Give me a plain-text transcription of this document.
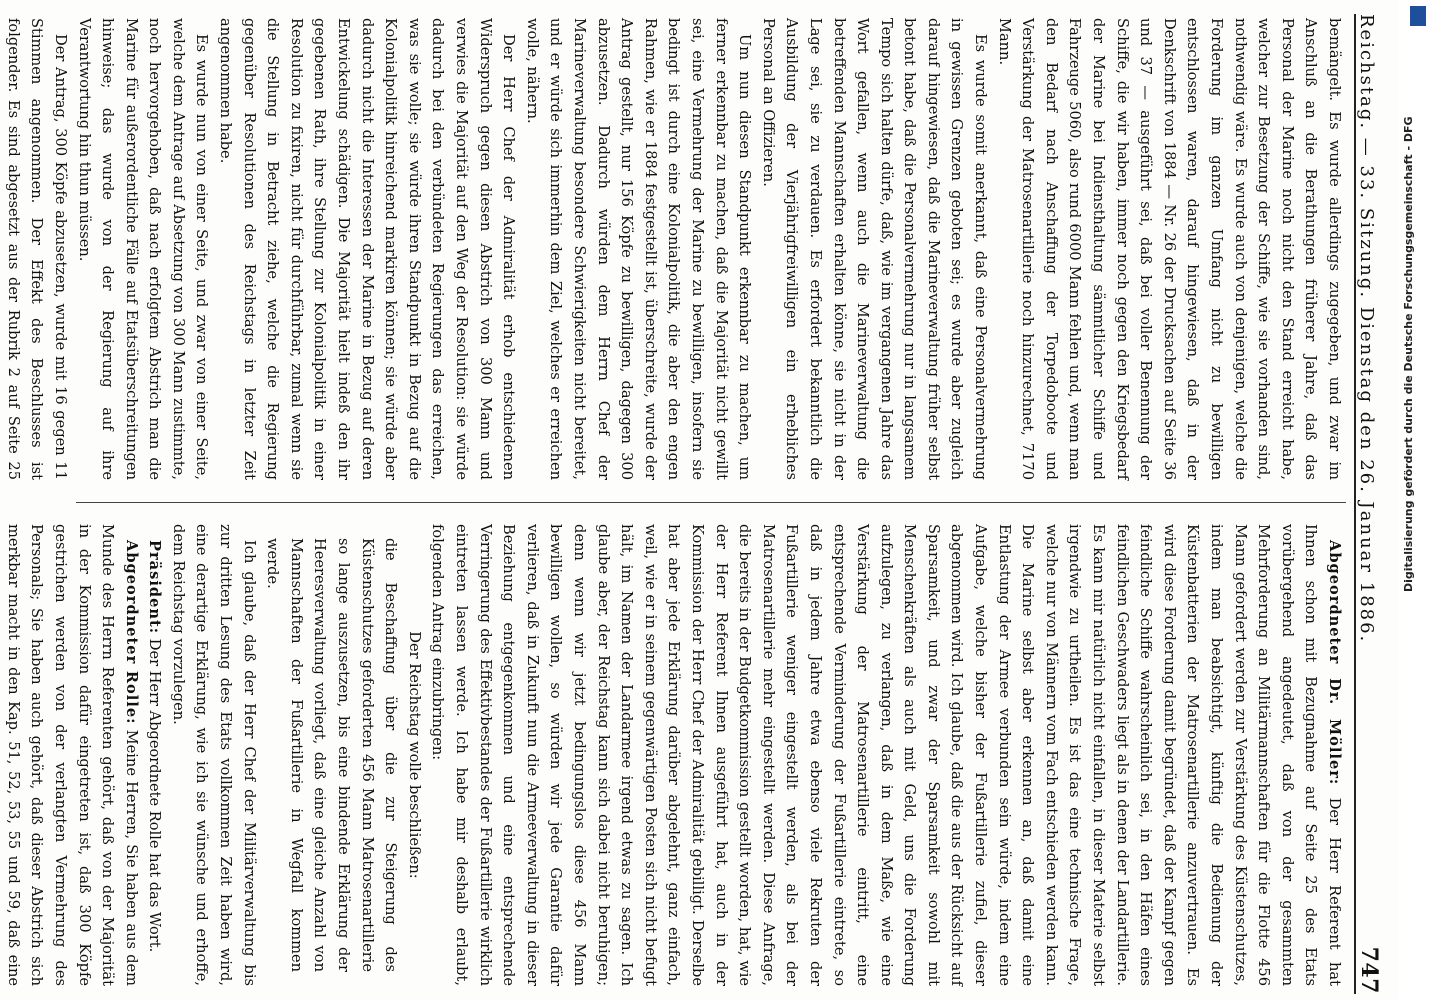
Reichstag. — 33. Sitzung. Dienstag den 26. Januar 1886.
747

bemängelt. Es wurde allerdings zugegeben, und zwar im Anschluß an die Berathungen früherer Jahre, daß das Personal der Marine noch nicht den Stand erreicht habe, welcher zur Besetzung der Schiffe, wie sie vorhanden sind, nothwendig wäre. Es wurde auch von denjenigen, welche die Forderung im ganzen Umfang nicht zu bewilligen entschlossen waren, darauf hingewiesen, daß in der Denkschrift von 1884 — Nr. 26 der Drucksachen auf Seite 36 und 37 — ausgeführt sei, daß bei voller Benennung der Schiffe, die wir haben, immer noch gegen den Kriegsbedarf der Marine bei Indiensthaltung sämmtlicher Schiffe und Fahrzeuge 5060, also rund 6000 Mann fehlen und, wenn man den Bedarf nach Anschaffung der Torpedoboote und Verstärkung der Matrosenartillerie noch hinzurechnet, 7170 Mann.

Es wurde somit anerkannt, daß eine Personalvermehrung in gewissen Grenzen geboten sei; es wurde aber zugleich darauf hingewiesen, daß die Marineverwaltung früher selbst betont habe, daß die Personalvermehrung nur in langsamem Tempo sich halten dürfe, daß, wie im vergangenen Jahre das Wort gefallen, wenn auch die Marineverwaltung die betreffenden Mannschaften erhalten könne, sie nicht in der Lage sei, sie zu verdauen. Es erfordert bekanntlich die Ausbildung der Vierjährigfreiwilligen ein erhebliches Personal an Offizieren.

Um nun diesen Standpunkt erkennbar zu machen, um ferner erkennbar zu machen, daß die Majorität nicht gewillt sei, eine Vermehrung der Marine zu bewilligen, insofern sie bedingt ist durch eine Kolonialpolitik, die aber den engen Rahmen, wie er 1884 festgestellt ist, überschreite, wurde der Antrag gestellt, nur 156 Köpfe zu bewilligen, dagegen 300 abzusetzen. Dadurch würden dem Herrn Chef der Marineverwaltung besondere Schwierigkeiten nicht bereitet, und er würde sich immerhin dem Ziel, welches er erreichen wolle, nähern.

Der Herr Chef der Admiralität erhob entschiedenen Widerspruch gegen diesen Abstrich von 300 Mann und verwies die Majorität auf den Weg der Resolution: sie würde dadurch bei den verbündeten Regierungen das erreichen, was sie wolle; sie würde ihren Standpunkt in Bezug auf die Kolonialpolitik hinreichend markiren können; sie würde aber dadurch nicht die Interessen der Marine in Bezug auf deren Entwickelung schädigen. Die Majorität hielt indeß den ihr gegebenen Rath, ihre Stellung zur Kolonialpolitik in einer Resolution zu fixiren, nicht für durchführbar, zumal wenn sie die Stellung in Betracht ziehe, welche die Regierung gegenüber Resolutionen des Reichstags in letzter Zeit angenommen habe.

Es wurde nun von einer Seite, und zwar von einer Seite, welche dem Antrage auf Absetzung von 300 Mann zustimmte, noch hervorgehoben, daß nach erfolgtem Abstrich man die Marine für außerordentliche Fälle auf Etatsüberschreitungen hinweise; das wurde von der Regierung auf ihre Verantwortung hin thun müssen.

Der Antrag, 300 Köpfe abzusetzen, wurde mit 16 gegen 11 Stimmen angenommen. Der Effekt des Beschlusses ist folgender. Es sind abgesetzt aus der Rubrik 2 auf Seite 25

Abgeordneter Dr. Möller: Der Herr Referent hat Ihnen schon mit Bezugnahme auf Seite 25 des Etats vorübergehend angedeutet, daß von der gesammten Mehrforderung an Militärmannschaften für die Flotte 456 Mann gefordert werden zur Verstärkung des Küstenschutzes, indem man beabsichtigt, künftig die Bedienung der Küstenbatterien der Matrosenartillerie anzuvertrauen. Es wird diese Forderung damit begründet, daß der Kampf gegen feindliche Schiffe wahrscheinlich sei, in den Häfen eines feindlichen Geschwaders liegt als in denen der Landartillerie. Es kann mir natürlich nicht einfallen, in dieser Materie selbst irgendwie zu urtheilen. Es ist das eine technische Frage, welche nur von Männern vom Fach entschieden werden kann. Die Marine selbst aber erkennen an, daß damit eine Entlastung der Armee verbunden sein würde, indem eine Aufgabe, welche bisher der Fußartillerie zufiel, dieser abgenommen wird. Ich glaube, daß die aus der Rücksicht auf Sparsamkeit, und zwar der Sparsamkeit sowohl mit Menschenkräften als auch mit Geld, uns die Forderung aufzulegen, zu verlangen, daß in dem Maße, wie eine Verstärkung der Matrosenartillerie eintritt, eine entsprechende Verminderung der Fußartillerie eintrete, so daß in jedem Jahre etwa ebenso viele Rekruten der Fußartillerie weniger eingestellt werden, als bei der Matrosenartillerie mehr eingestellt werden. Diese Anfrage, die bereits in der Budgetkommission gestellt worden, hat, wie der Herr Referent Ihnen ausgeführt hat, auch in der Kommission der Herr Chef der Admiralität gebilligt. Derselbe hat aber jede Erklärung darüber abgelehnt, ganz einfach, weil, wie er in seinem gegenwärtigen Posten sich nicht befugt hält, im Namen der Landarmee irgend etwas zu sagen. Ich glaube aber, der Reichstag kann sich dabei nicht beruhigen; denn wenn wir jetzt bedingungslos diese 456 Mann bewilligen wollen, so würden wir jede Garantie dafür verlieren, daß in Zukunft nun die Armeeverwaltung in dieser Beziehung entgegenkommen und eine entsprechende Verringerung des Effektivbestandes der Fußartillerie wirklich eintreten lassen werde. Ich habe mir deshalb erlaubt, folgenden Antrag einzubringen:

Der Reichstag wolle beschließen:

die Beschaffung über die zur Steigerung des Küstenschutzes geforderten 456 Mann Matrosenartillerie so lange auszusetzen, bis eine bindende Erklärung der Heeresverwaltung vorliegt, daß eine gleiche Anzahl von Mannschaften der Fußartillerie in Wegfall kommen werde.

Ich glaube, daß der Herr Chef der Militärverwaltung bis zur dritten Lesung des Etats vollkommen Zeit haben wird, eine derartige Erklärung, wie ich sie wünsche und erhoffe, dem Reichstag vorzulegen.

Präsident: Der Herr Abgeordnete Rolle hat das Wort.

Abgeordneter Rolle: Meine Herren, Sie haben aus dem Munde des Herrn Referenten gehört, daß von der Majorität in der Kommission dafür eingetreten ist, daß 300 Köpfe gestrichen werden von der verlangten Vermehrung des Personals; Sie haben auch gehört, daß dieser Abstrich sich merkbar macht in den Kap. 51, 52, 53, 55 und 59, daß eine

Digitalisierung gefördert durch die Deutsche Forschungsgemeinschaft - DFG
